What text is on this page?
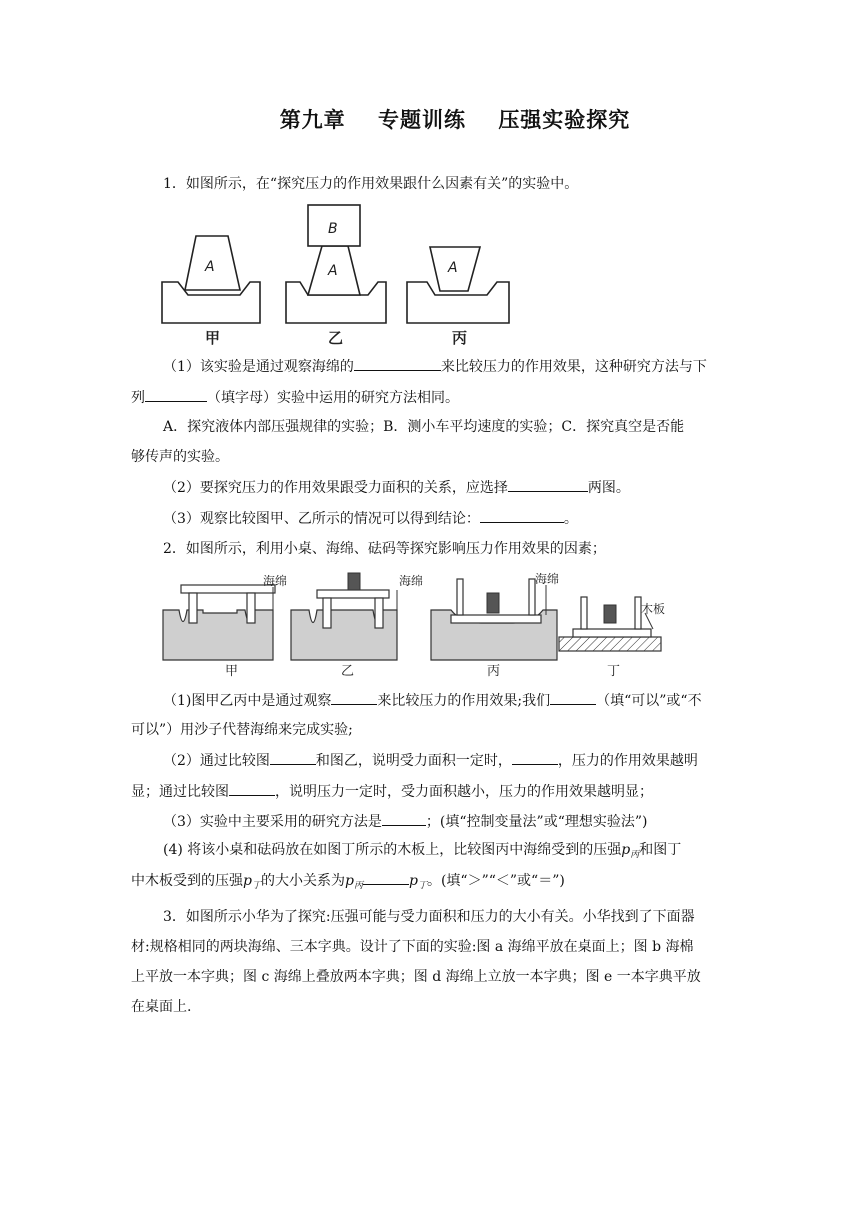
第九章 专题训练 压强实验探究
1．如图所示，在“探究压力的作用效果跟什么因素有关”的实验中。
A
B
A	A
甲	乙	丙
（1）该实验是通过观察海绵的	来比较压力的作用效果，这种研究方法与下
列	（填字母）实验中运用的研究方法相同。
A．探究液体内部压强规律的实验；B．测小车平均速度的实验；C．探究真空是否能
够传声的实验。
（2）要探究压力的作用效果跟受力面积的关系，应选择	两图。
（3）观察比较图甲、乙所示的情况可以得到结论：	。
2．如图所示，利用小桌、海绵、砝码等探究影响压力作用效果的因素；
海绵	海绵	海绵
木板
甲	乙	丙	丁
（1)图甲乙丙中是通过观察	来比较压力的作用效果;我们	（填“可以”或“不
可以”）用沙子代替海绵来完成实验;
（2）通过比较图	和图乙，说明受力面积一定时，	，压力的作用效果越明
显；通过比较图	，说明压力一定时，受力面积越小，压力的作用效果越明显；
（3）实验中主要采用的研究方法是	；(填“控制变量法”或“理想实验法”)
(4) 将该小桌和砝码放在如图丁所示的木板上，比较图丙中海绵受到的压强$p_丙$和图丁
中木板受到的压强$p_丁$的大小关系为$p_丙$	$p_丁$。(填“＞”“＜”或“＝”)
3．如图所示小华为了探究:压强可能与受力面积和压力的大小有关。小华找到了下面器
材:规格相同的两块海绵、三本字典。设计了下面的实验:图 a 海绵平放在桌面上；图 b 海棉
上平放一本字典；图 c 海绵上叠放两本字典；图 d 海绵上立放一本字典；图 e 一本字典平放
在桌面上.
